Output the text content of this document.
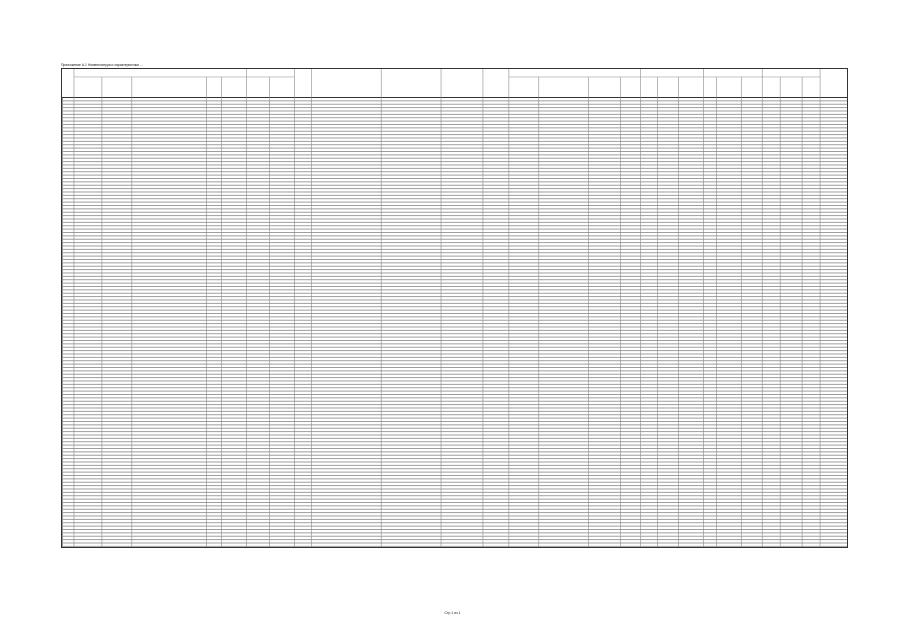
Приложение А.1 Номенклатура и характеристики ...
Стр 1 из 1
